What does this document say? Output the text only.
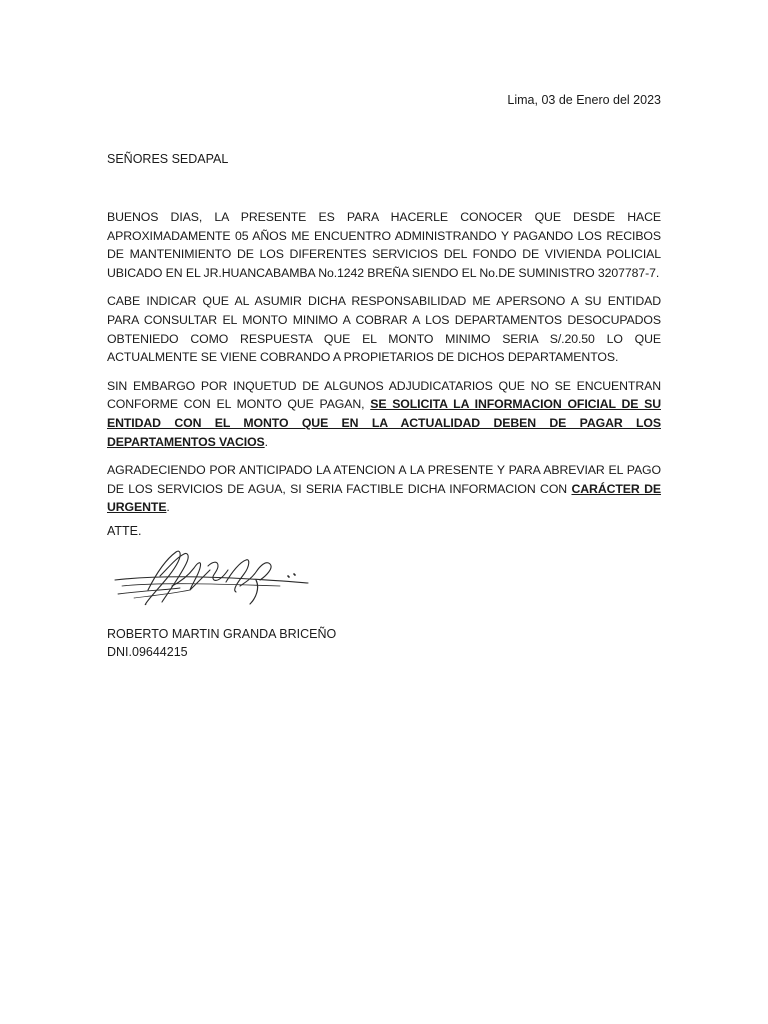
Lima, 03 de Enero del 2023
SEÑORES SEDAPAL

BUENOS DIAS, LA PRESENTE ES PARA HACERLE CONOCER QUE DESDE HACE APROXIMADAMENTE 05 AÑOS ME ENCUENTRO ADMINISTRANDO Y PAGANDO LOS RECIBOS DE MANTENIMIENTO DE LOS DIFERENTES SERVICIOS DEL FONDO DE VIVIENDA POLICIAL UBICADO EN EL JR.HUANCABAMBA No.1242 BREÑA SIENDO EL No.DE SUMINISTRO 3207787-7.

CABE INDICAR QUE AL ASUMIR DICHA RESPONSABILIDAD ME APERSONO A SU ENTIDAD PARA CONSULTAR EL MONTO MINIMO A COBRAR A LOS DEPARTAMENTOS DESOCUPADOS OBTENIEDO COMO RESPUESTA QUE EL MONTO MINIMO SERIA S/.20.50 LO QUE ACTUALMENTE SE VIENE COBRANDO A PROPIETARIOS DE DICHOS DEPARTAMENTOS.

SIN EMBARGO POR INQUETUD DE ALGUNOS ADJUDICATARIOS QUE NO SE ENCUENTRAN CONFORME CON EL MONTO QUE PAGAN, SE SOLICITA LA INFORMACION OFICIAL DE SU ENTIDAD CON EL MONTO QUE EN LA ACTUALIDAD DEBEN DE PAGAR LOS DEPARTAMENTOS VACIOS.

AGRADECIENDO POR ANTICIPADO LA ATENCION A LA PRESENTE Y PARA ABREVIAR EL PAGO DE LOS SERVICIOS DE AGUA, SI SERIA FACTIBLE DICHA INFORMACION CON CARÁCTER DE URGENTE.

ATTE.
ROBERTO MARTIN GRANDA BRICEÑO
DNI.09644215
